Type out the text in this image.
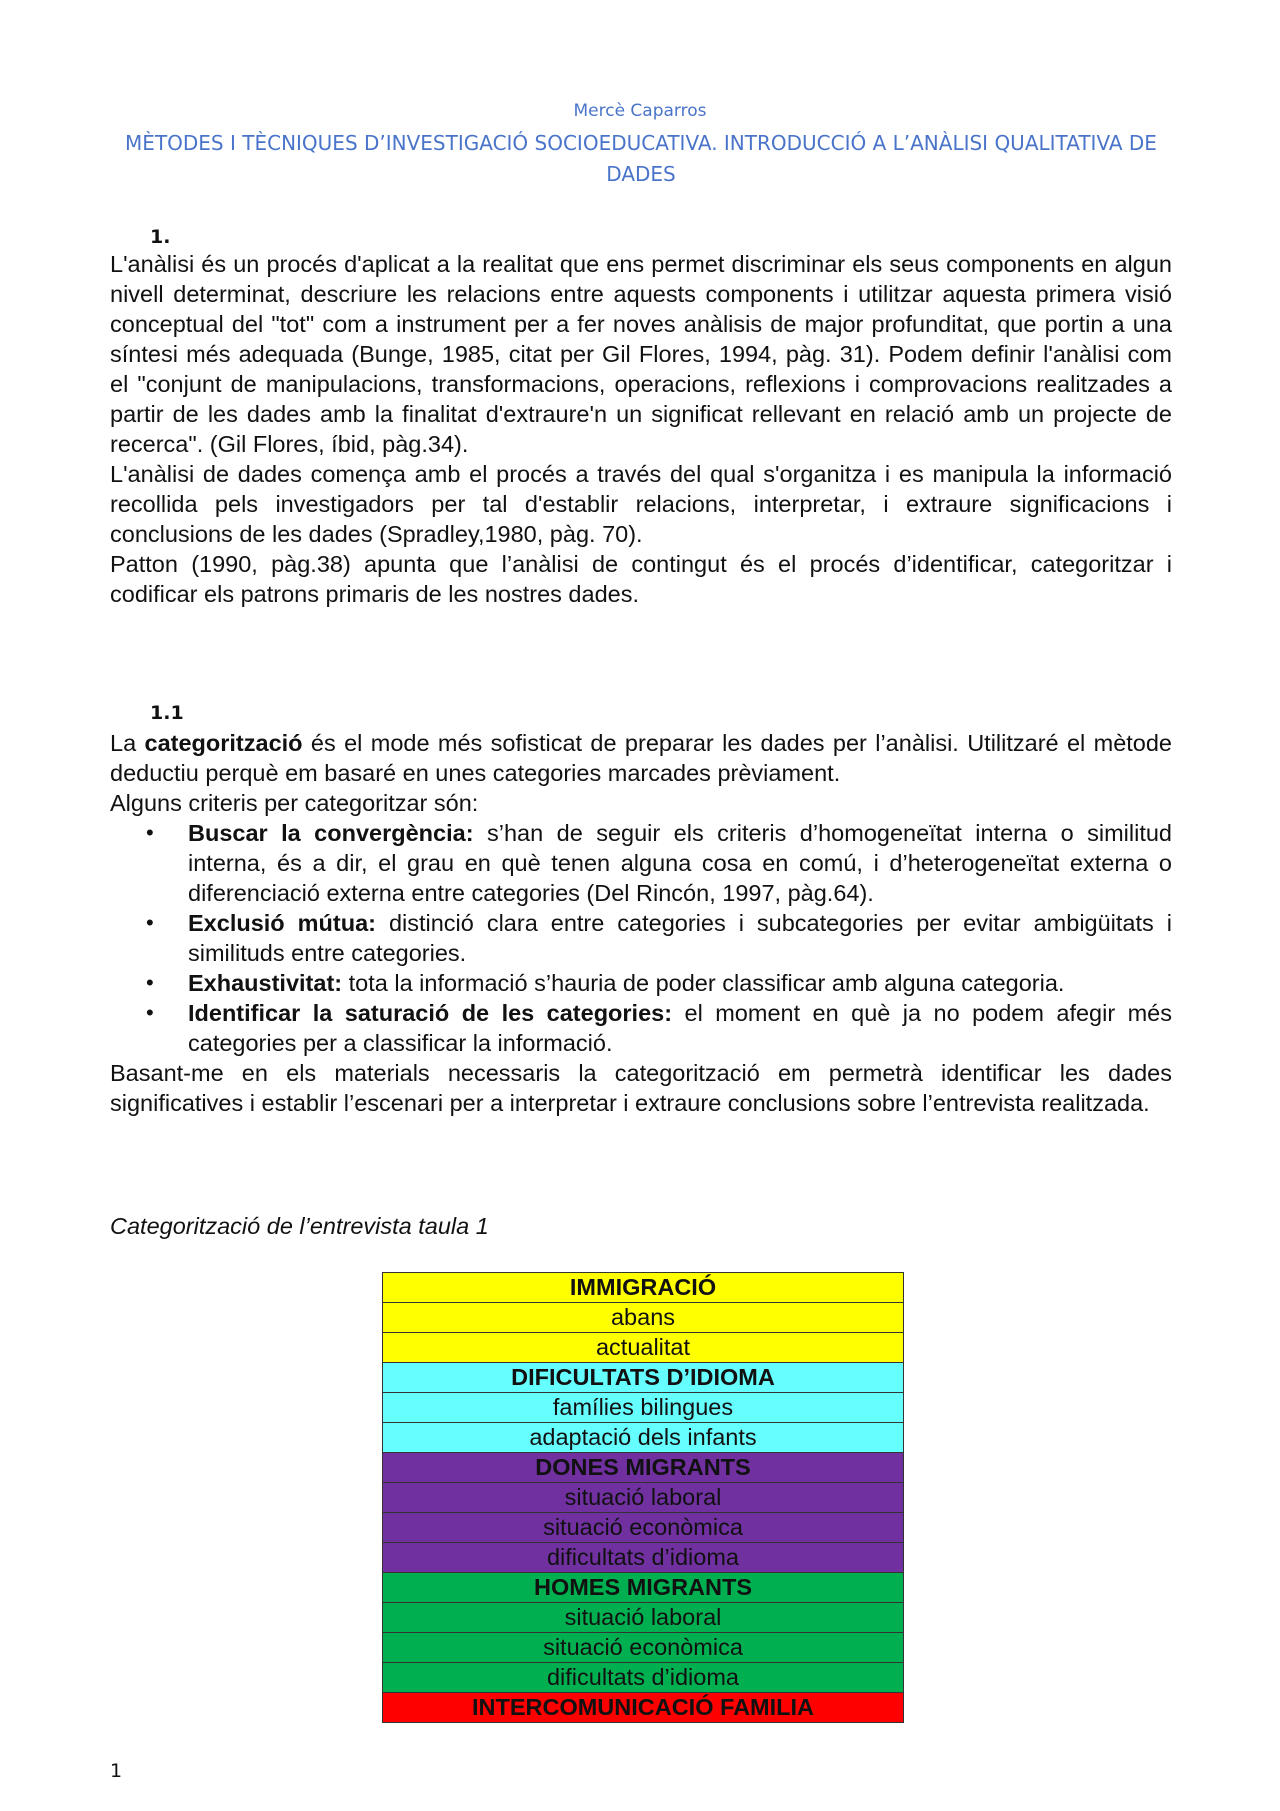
Mercè Caparros
MÈTODES I TÈCNIQUES D’INVESTIGACIÓ SOCIOEDUCATIVA. INTRODUCCIÓ A L’ANÀLISI QUALITATIVA DE DADES
1.

L'anàlisi és un procés d'aplicat a la realitat que ens permet discriminar els seus components en algun nivell determinat, descriure les relacions entre aquests components i utilitzar aquesta primera visió conceptual del "tot" com a instrument per a fer noves anàlisis de major profunditat, que portin a una síntesi més adequada (Bunge, 1985, citat per Gil Flores, 1994, pàg. 31). Podem definir l'anàlisi com el "conjunt de manipulacions, transformacions, operacions, reflexions i comprovacions realitzades a partir de les dades amb la finalitat d'extraure'n un significat rellevant en relació amb un projecte de recerca". (Gil Flores, íbid, pàg.34).

L'anàlisi de dades comença amb el procés a través del qual s'organitza i es manipula la informació recollida pels investigadors per tal d'establir relacions, interpretar, i extraure significacions i conclusions de les dades (Spradley,1980, pàg. 70).

Patton (1990, pàg.38) apunta que l’anàlisi de contingut és el procés d’identificar, categoritzar i codificar els patrons primaris de les nostres dades.

1.1

La categorització és el mode més sofisticat de preparar les dades per l’anàlisi. Utilitzaré el mètode deductiu perquè em basaré en unes categories marcades prèviament.

Alguns criteris per categoritzar són:

• Buscar la convergència: s’han de seguir els criteris d’homogeneïtat interna o similitud interna, és a dir, el grau en què tenen alguna cosa en comú, i d’heterogeneïtat externa o diferenciació externa entre categories (Del Rincón, 1997, pàg.64).
• Exclusió mútua: distinció clara entre categories i subcategories per evitar ambigüitats i similituds entre categories.
• Exhaustivitat: tota la informació s’hauria de poder classificar amb alguna categoria.
• Identificar la saturació de les categories: el moment en què ja no podem afegir més categories per a classificar la informació.

Basant-me en els materials necessaris la categorització em permetrà identificar les dades significatives i establir l’escenari per a interpretar i extraure conclusions sobre l’entrevista realitzada.

Categorització de l’entrevista taula 1
IMMIGRACIÓ
abans
actualitat
DIFICULTATS D’IDIOMA
famílies bilingues
adaptació dels infants
DONES MIGRANTS
situació laboral
situació econòmica
dificultats d’idioma
HOMES MIGRANTS
situació laboral
situació econòmica
dificultats d’idioma
INTERCOMUNICACIÓ FAMILIA
1
